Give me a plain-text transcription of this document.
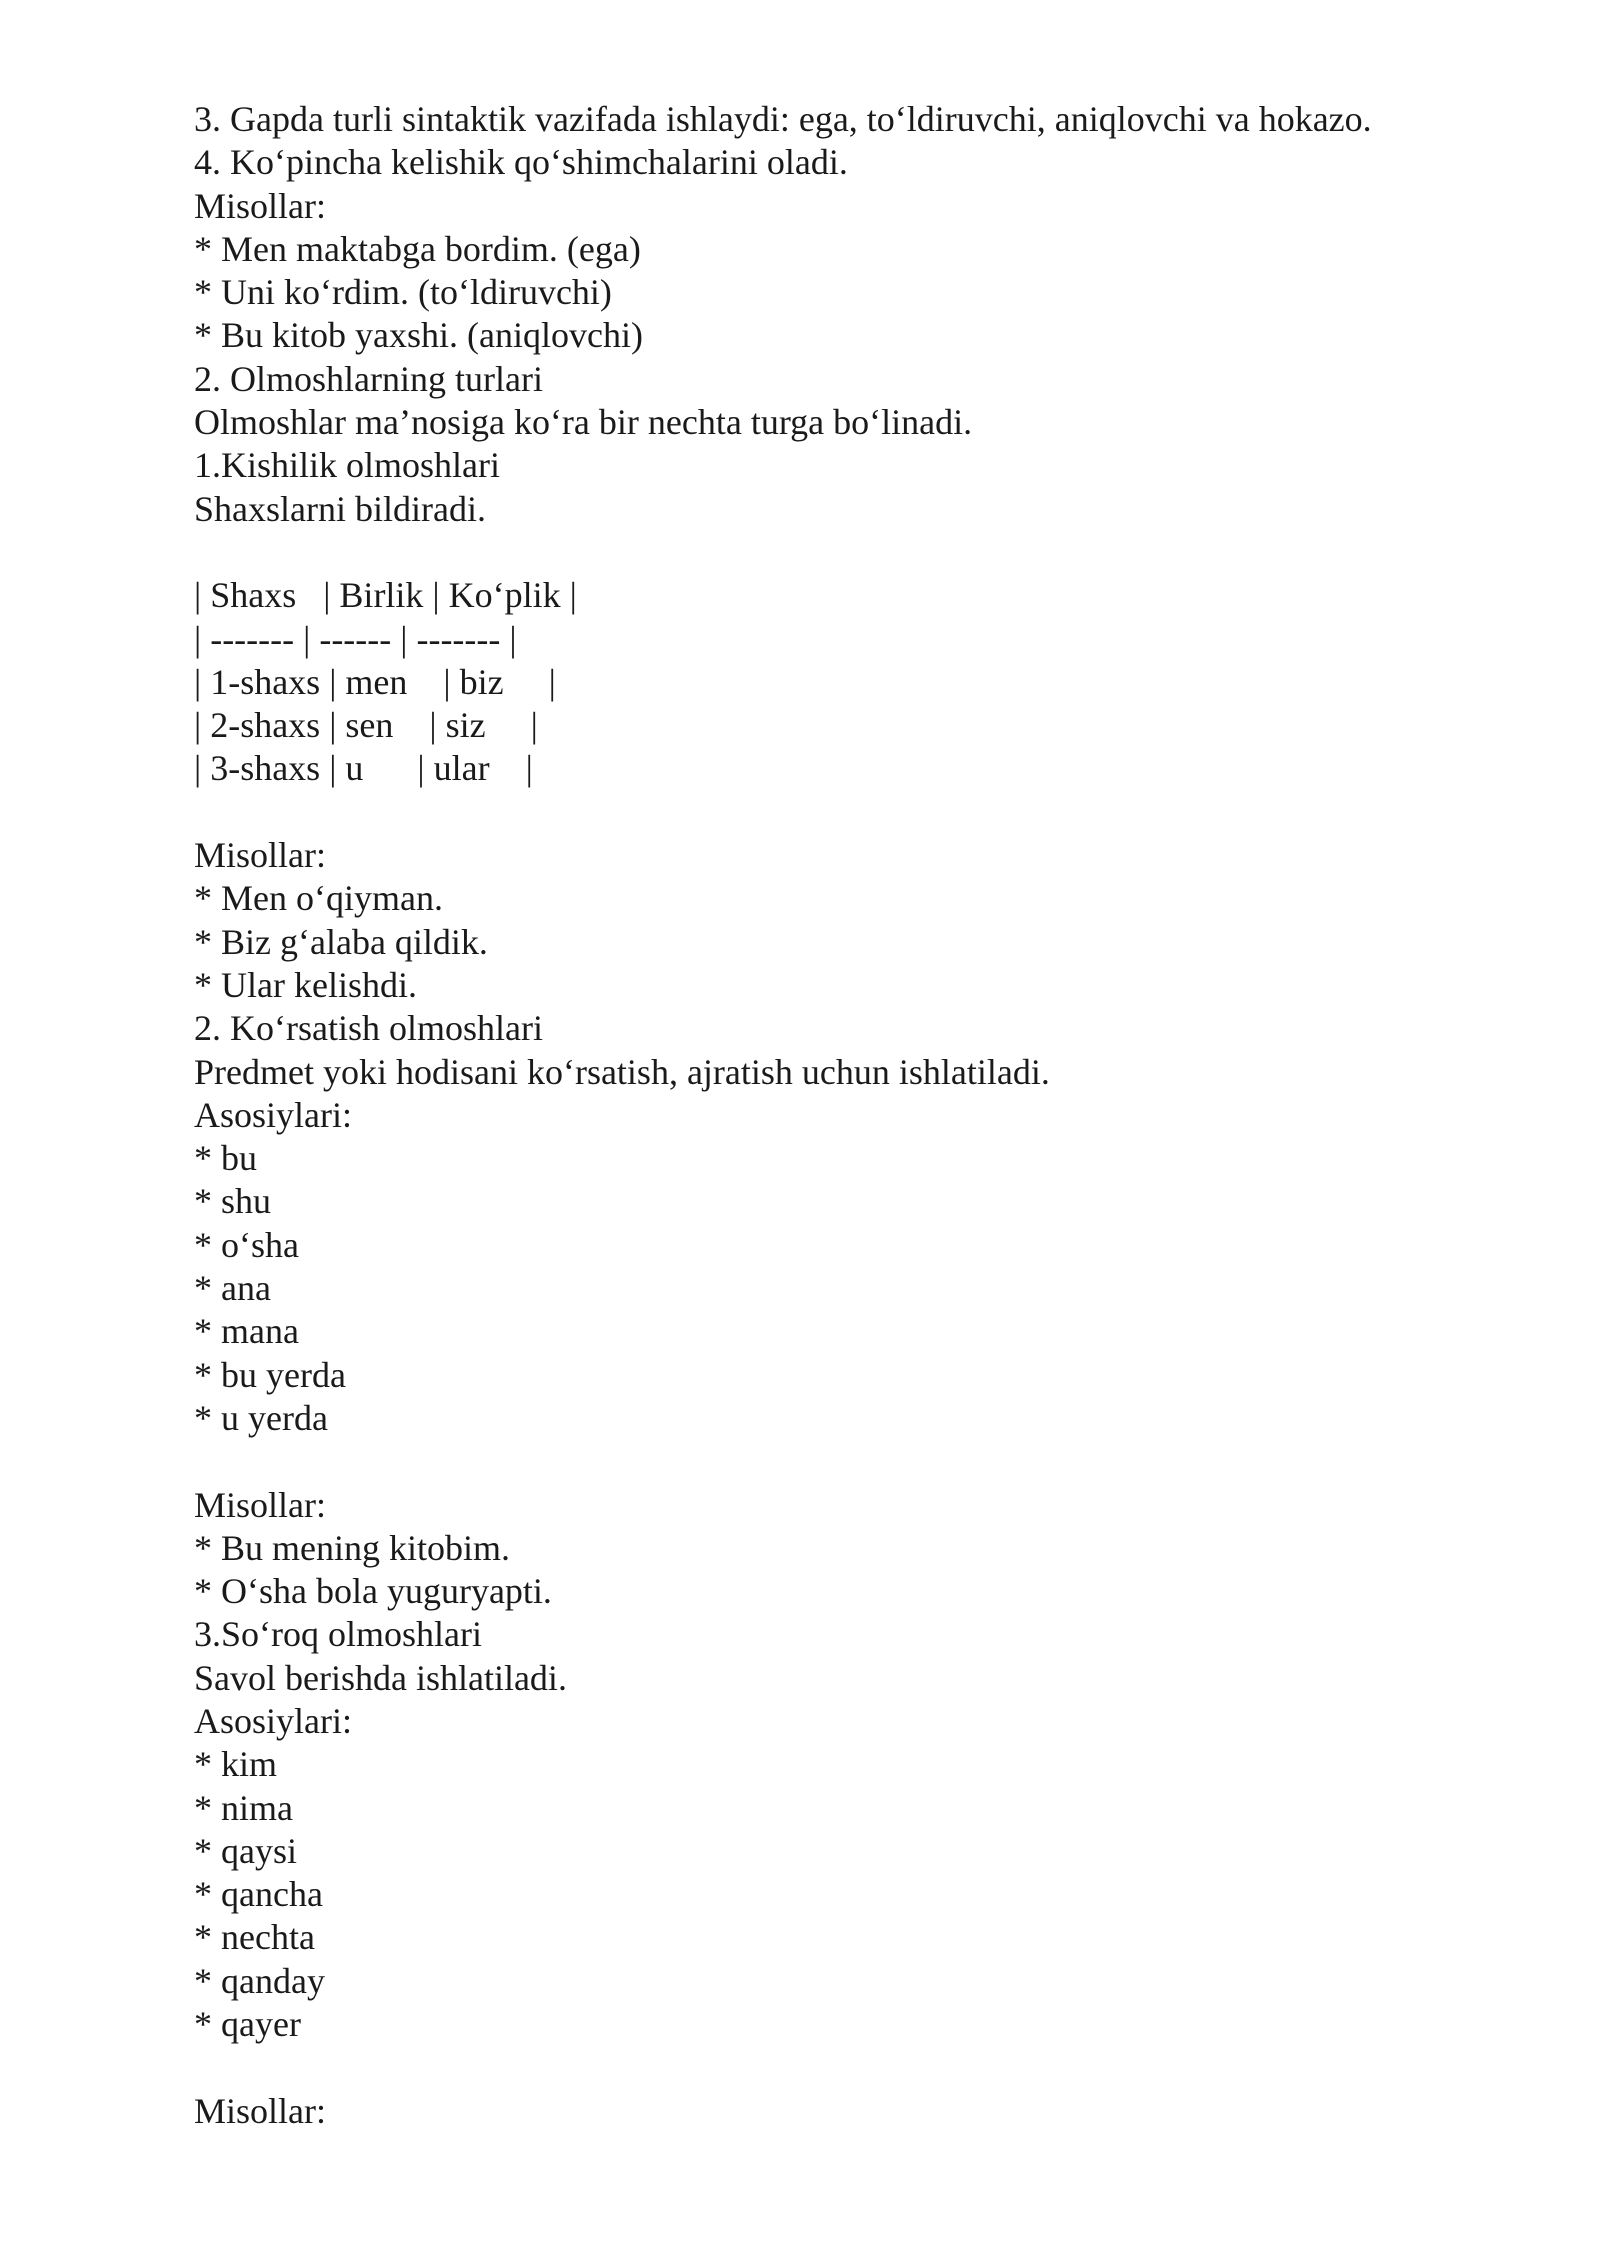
3. Gapda turli sintaktik vazifada ishlaydi: ega, to‘ldiruvchi, aniqlovchi va hokazo.
4. Ko‘pincha kelishik qo‘shimchalarini oladi.
Misollar:
* Men maktabga bordim. (ega)
* Uni ko‘rdim. (to‘ldiruvchi)
* Bu kitob yaxshi. (aniqlovchi)
2. Olmoshlarning turlari
Olmoshlar ma’nosiga ko‘ra bir nechta turga bo‘linadi.
1.Kishilik olmoshlari
Shaxslarni bildiradi.
| Shaxs   | Birlik | Ko‘plik |
| ------- | ------ | ------- |
| 1-shaxs | men    | biz     |
| 2-shaxs | sen    | siz     |
| 3-shaxs | u      | ular    |
Misollar:
* Men o‘qiyman.
* Biz g‘alaba qildik.
* Ular kelishdi.
2. Ko‘rsatish olmoshlari
Predmet yoki hodisani ko‘rsatish, ajratish uchun ishlatiladi.
Asosiylari:
* bu
* shu
* o‘sha
* ana
* mana
* bu yerda
* u yerda
Misollar:
* Bu mening kitobim.
* O‘sha bola yuguryapti.
3.So‘roq olmoshlari
Savol berishda ishlatiladi.
Asosiylari:
* kim
* nima
* qaysi
* qancha
* nechta
* qanday
* qayer
Misollar:
